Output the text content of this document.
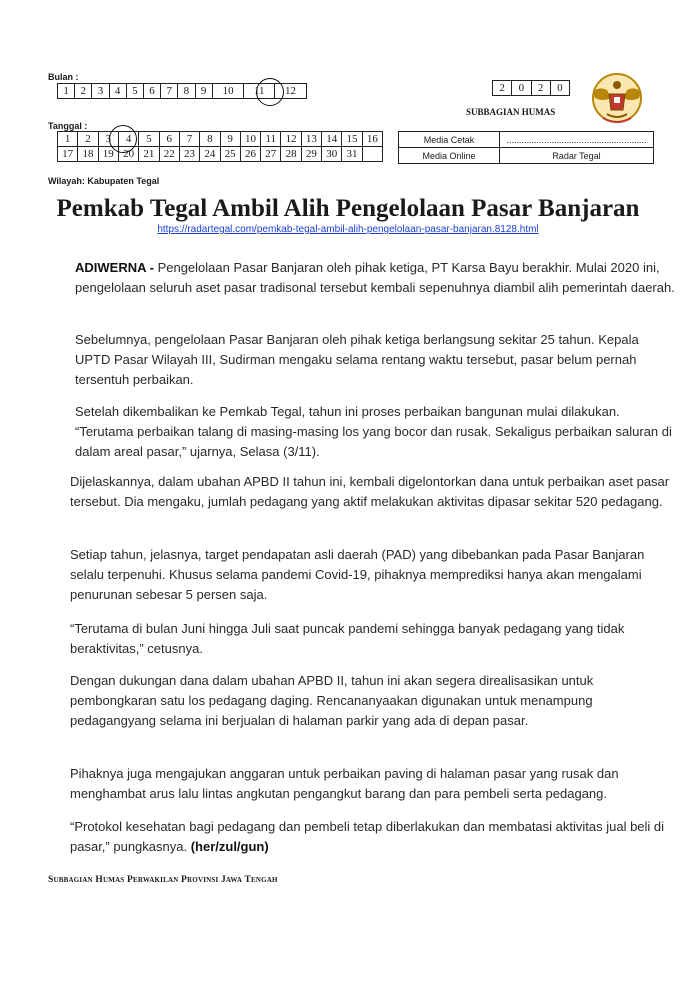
Bulan :
1	2	3	4	5	6	7	8	9	10	11	12	2	0	2	0
SUBBAGIAN HUMAS
Tanggal :
1	2	3	4	5	6	7	8	9	10	11	12	13	14	15	16
17	18	19	20	21	22	23	24	25	26	27	28	29	30	31	
Media Cetak	........................................................
Media Online	Radar Tegal
Wilayah: Kabupaten Tegal
Pemkab Tegal Ambil Alih Pengelolaan Pasar Banjaran
https://radartegal.com/pemkab-tegal-ambil-alih-pengelolaan-pasar-banjaran.8128.html

ADIWERNA - Pengelolaan Pasar Banjaran oleh pihak ketiga, PT Karsa Bayu berakhir. Mulai 2020 ini, pengelolaan seluruh aset pasar tradisonal tersebut kembali sepenuhnya diambil alih pemerintah daerah.

Sebelumnya, pengelolaan Pasar Banjaran oleh pihak ketiga berlangsung sekitar 25 tahun. Kepala UPTD Pasar Wilayah III, Sudirman mengaku selama rentang waktu tersebut, pasar belum pernah tersentuh perbaikan.

Setelah dikembalikan ke Pemkab Tegal, tahun ini proses perbaikan bangunan mulai dilakukan. “Terutama perbaikan talang di masing-masing los yang bocor dan rusak. Sekaligus perbaikan saluran di dalam areal pasar,” ujarnya, Selasa (3/11).

Dijelaskannya, dalam ubahan APBD II tahun ini, kembali digelontorkan dana untuk perbaikan aset pasar tersebut. Dia mengaku, jumlah pedagang yang aktif melakukan aktivitas dipasar sekitar 520 pedagang.

Setiap tahun, jelasnya, target pendapatan asli daerah (PAD) yang dibebankan pada Pasar Banjaran selalu terpenuhi. Khusus selama pandemi Covid-19, pihaknya memprediksi hanya akan mengalami penurunan sebesar 5 persen saja.

“Terutama di bulan Juni hingga Juli saat puncak pandemi sehingga banyak pedagang yang tidak beraktivitas,” cetusnya.

Dengan dukungan dana dalam ubahan APBD II, tahun ini akan segera direalisasikan untuk pembongkaran satu los pedagang daging. Rencananyaakan digunakan untuk menampung pedagangyang selama ini berjualan di halaman parkir yang ada di depan pasar.

Pihaknya juga mengajukan anggaran untuk perbaikan paving di halaman pasar yang rusak dan menghambat arus lalu lintas angkutan pengangkut barang dan para pembeli serta pedagang.

“Protokol kesehatan bagi pedagang dan pembeli tetap diberlakukan dan membatasi aktivitas jual beli di pasar,” pungkasnya. (her/zul/gun)

Subbagian Humas Perwakilan Provinsi Jawa Tengah
